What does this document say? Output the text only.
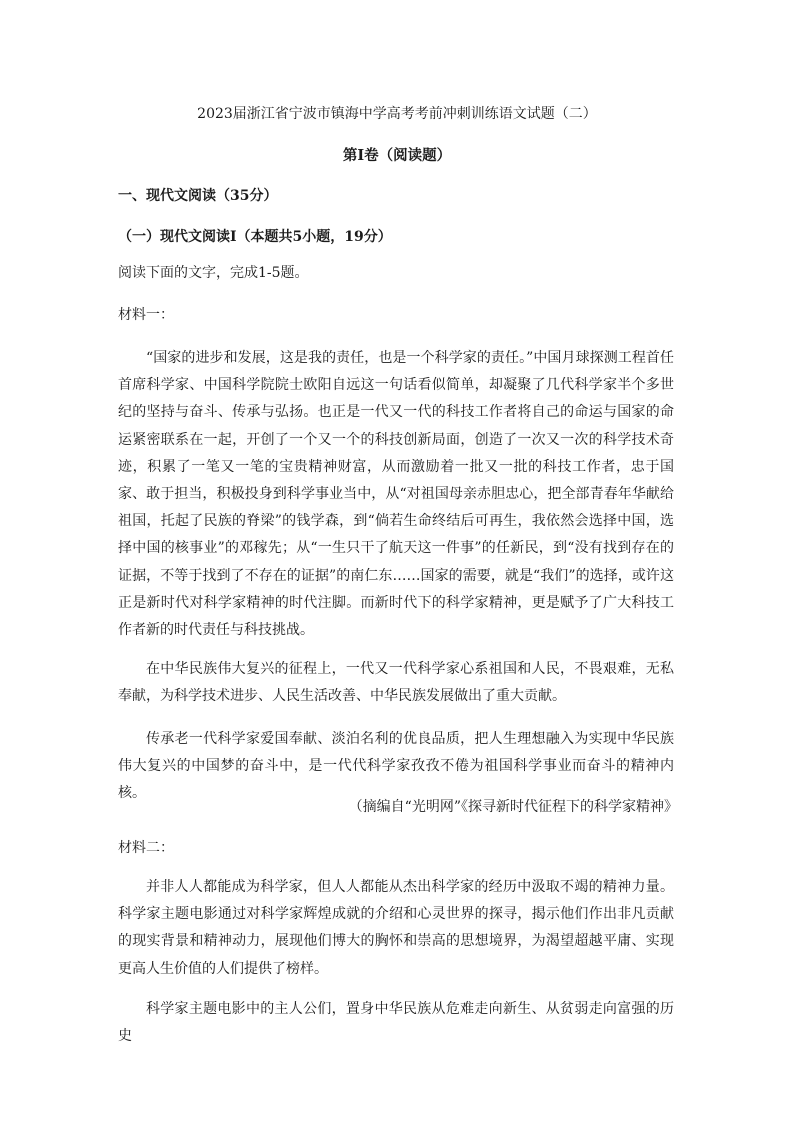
2023届浙江省宁波市镇海中学高考考前冲刺训练语文试题（二）
第Ⅰ卷（阅读题）
一、现代文阅读（35分）
（一）现代文阅读Ⅰ（本题共5小题，19分）
阅读下面的文字，完成1-5题。
材料一：

“国家的进步和发展，这是我的责任，也是一个科学家的责任。”中国月球探测工程首任首席科学家、中国科学院院士欧阳自远这一句话看似简单，却凝聚了几代科学家半个多世纪的坚持与奋斗、传承与弘扬。也正是一代又一代的科技工作者将自己的命运与国家的命运紧密联系在一起，开创了一个又一个的科技创新局面，创造了一次又一次的科学技术奇迹，积累了一笔又一笔的宝贵精神财富，从而激励着一批又一批的科技工作者，忠于国家、敢于担当，积极投身到科学事业当中，从“对祖国母亲赤胆忠心，把全部青春年华献给祖国，托起了民族的脊梁”的钱学森，到“倘若生命终结后可再生，我依然会选择中国，选择中国的核事业”的邓稼先；从“一生只干了航天这一件事”的任新民，到“没有找到存在的证据，不等于找到了不存在的证据”的南仁东……国家的需要，就是“我们”的选择，或许这正是新时代对科学家精神的时代注脚。而新时代下的科学家精神，更是赋予了广大科技工作者新的时代责任与科技挑战。

在中华民族伟大复兴的征程上，一代又一代科学家心系祖国和人民，不畏艰难，无私奉献，为科学技术进步、人民生活改善、中华民族发展做出了重大贡献。

传承老一代科学家爱国奉献、淡泊名利的优良品质，把人生理想融入为实现中华民族伟大复兴的中国梦的奋斗中，是一代代科学家孜孜不倦为祖国科学事业而奋斗的精神内核。

（摘编自“光明网”《探寻新时代征程下的科学家精神》
材料二：

并非人人都能成为科学家，但人人都能从杰出科学家的经历中汲取不竭的精神力量。科学家主题电影通过对科学家辉煌成就的介绍和心灵世界的探寻，揭示他们作出非凡贡献的现实背景和精神动力，展现他们博大的胸怀和崇高的思想境界，为渴望超越平庸、实现更高人生价值的人们提供了榜样。

科学家主题电影中的主人公们，置身中华民族从危难走向新生、从贫弱走向富强的历史
